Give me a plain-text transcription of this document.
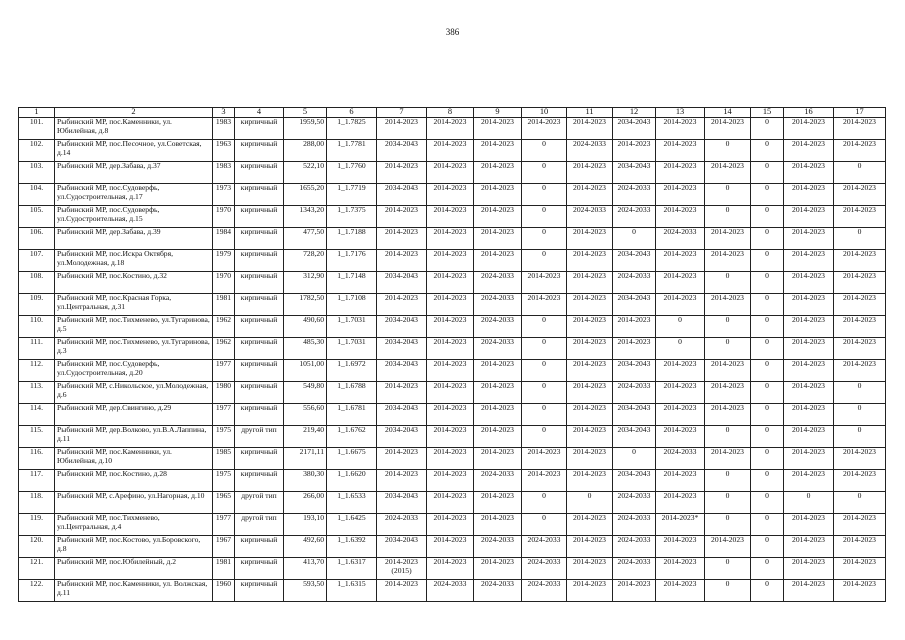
386
1	2	3	4	5	6	7	8	9	10	11	12	13	14	15	16	17
101.	Рыбинский МР, пос.Каменники, ул. Юбилейная, д.8	1983	кирпичный	1959,50	1_1.7825	2014-2023	2014-2023	2014-2023	2014-2023	2014-2023	2034-2043	2014-2023	2014-2023	0	2014-2023	2014-2023
102.	Рыбинский МР, пос.Песочное, ул.Советская, д.14	1963	кирпичный	288,00	1_1.7781	2034-2043	2014-2023	2014-2023	0	2024-2033	2014-2023	2014-2023	0	0	2014-2023	2014-2023
103.	Рыбинский МР, дер.Забава, д.37	1983	кирпичный	522,10	1_1.7760	2014-2023	2014-2023	2014-2023	0	2014-2023	2034-2043	2014-2023	2014-2023	0	2014-2023	0
104.	Рыбинский МР, пос.Судоверфь, ул.Судостроительная, д.17	1973	кирпичный	1655,20	1_1.7719	2034-2043	2014-2023	2014-2023	0	2014-2023	2024-2033	2014-2023	0	0	2014-2023	2014-2023
105.	Рыбинский МР, пос.Судоверфь, ул.Судостроительная, д.15	1970	кирпичный	1343,20	1_1.7375	2014-2023	2014-2023	2014-2023	0	2024-2033	2024-2033	2014-2023	0	0	2014-2023	2014-2023
106.	Рыбинский МР, дер.Забава, д.39	1984	кирпичный	477,50	1_1.7188	2014-2023	2014-2023	2014-2023	0	2014-2023	0	2024-2033	2014-2023	0	2014-2023	0
107.	Рыбинский МР, пос.Искра Октября, ул.Молодежная, д.18	1979	кирпичный	728,20	1_1.7176	2014-2023	2014-2023	2014-2023	0	2014-2023	2034-2043	2014-2023	2014-2023	0	2014-2023	2014-2023
108.	Рыбинский МР, пос.Костино, д.32	1970	кирпичный	312,90	1_1.7148	2034-2043	2014-2023	2024-2033	2014-2023	2014-2023	2024-2033	2014-2023	0	0	2014-2023	2014-2023
109.	Рыбинский МР, пос.Красная Горка, ул.Центральная, д.31	1981	кирпичный	1782,50	1_1.7108	2014-2023	2014-2023	2024-2033	2014-2023	2014-2023	2034-2043	2014-2023	2014-2023	0	2014-2023	2014-2023
110.	Рыбинский МР, пос.Тихменево, ул.Тугаринова, д.5	1962	кирпичный	490,60	1_1.7031	2034-2043	2014-2023	2024-2033	0	2014-2023	2014-2023	0	0	0	2014-2023	2014-2023
111.	Рыбинский МР, пос.Тихменево, ул.Тугаринова, д.3	1962	кирпичный	485,30	1_1.7031	2034-2043	2014-2023	2024-2033	0	2014-2023	2014-2023	0	0	0	2014-2023	2014-2023
112.	Рыбинский МР, пос.Судоверфь, ул.Судостроительная, д.20	1977	кирпичный	1051,00	1_1.6972	2034-2043	2014-2023	2014-2023	0	2014-2023	2034-2043	2014-2023	2014-2023	0	2014-2023	2014-2023
113.	Рыбинский МР, с.Никольское, ул.Молодежная, д.6	1980	кирпичный	549,80	1_1.6788	2014-2023	2014-2023	2014-2023	0	2014-2023	2024-2033	2014-2023	2014-2023	0	2014-2023	0
114.	Рыбинский МР, дер.Свингино, д.29	1977	кирпичный	556,60	1_1.6781	2034-2043	2014-2023	2014-2023	0	2014-2023	2034-2043	2014-2023	2014-2023	0	2014-2023	0
115.	Рыбинский МР, дер.Волково, ул.В.А.Лаппина, д.11	1975	другой тип	219,40	1_1.6762	2034-2043	2014-2023	2014-2023	0	2014-2023	2034-2043	2014-2023	0	0	2014-2023	0
116.	Рыбинский МР, пос.Каменники, ул. Юбилейная, д.10	1985	кирпичный	2171,11	1_1.6675	2014-2023	2014-2023	2014-2023	2014-2023	2014-2023	0	2024-2033	2014-2023	0	2014-2023	2014-2023
117.	Рыбинский МР, пос.Костино, д.28	1975	кирпичный	380,30	1_1.6620	2014-2023	2014-2023	2024-2033	2014-2023	2014-2023	2034-2043	2014-2023	0	0	2014-2023	2014-2023
118.	Рыбинский МР, с.Арефино, ул.Нагорная, д.10	1965	другой тип	266,00	1_1.6533	2034-2043	2014-2023	2014-2023	0	0	2024-2033	2014-2023	0	0	0	0
119.	Рыбинский МР, пос.Тихменево, ул.Центральная, д.4	1977	другой тип	193,10	1_1.6425	2024-2033	2014-2023	2014-2023	0	2014-2023	2024-2033	2014-2023*	0	0	2014-2023	2014-2023
120.	Рыбинский МР, пос.Костово, ул.Боровского, д.8	1967	кирпичный	492,60	1_1.6392	2034-2043	2014-2023	2024-2033	2024-2033	2014-2023	2024-2033	2014-2023	2014-2023	0	2014-2023	2014-2023
121.	Рыбинский МР, пос.Юбилейный, д.2	1981	кирпичный	413,70	1_1.6317	2014-2023 (2015)	2014-2023	2014-2023	2024-2033	2014-2023	2024-2033	2014-2023	0	0	2014-2023	2014-2023
122.	Рыбинский МР, пос.Каменники, ул. Волжская, д.11	1960	кирпичный	593,50	1_1.6315	2014-2023	2024-2033	2024-2033	2024-2033	2014-2023	2014-2023	2014-2023	0	0	2014-2023	2014-2023
